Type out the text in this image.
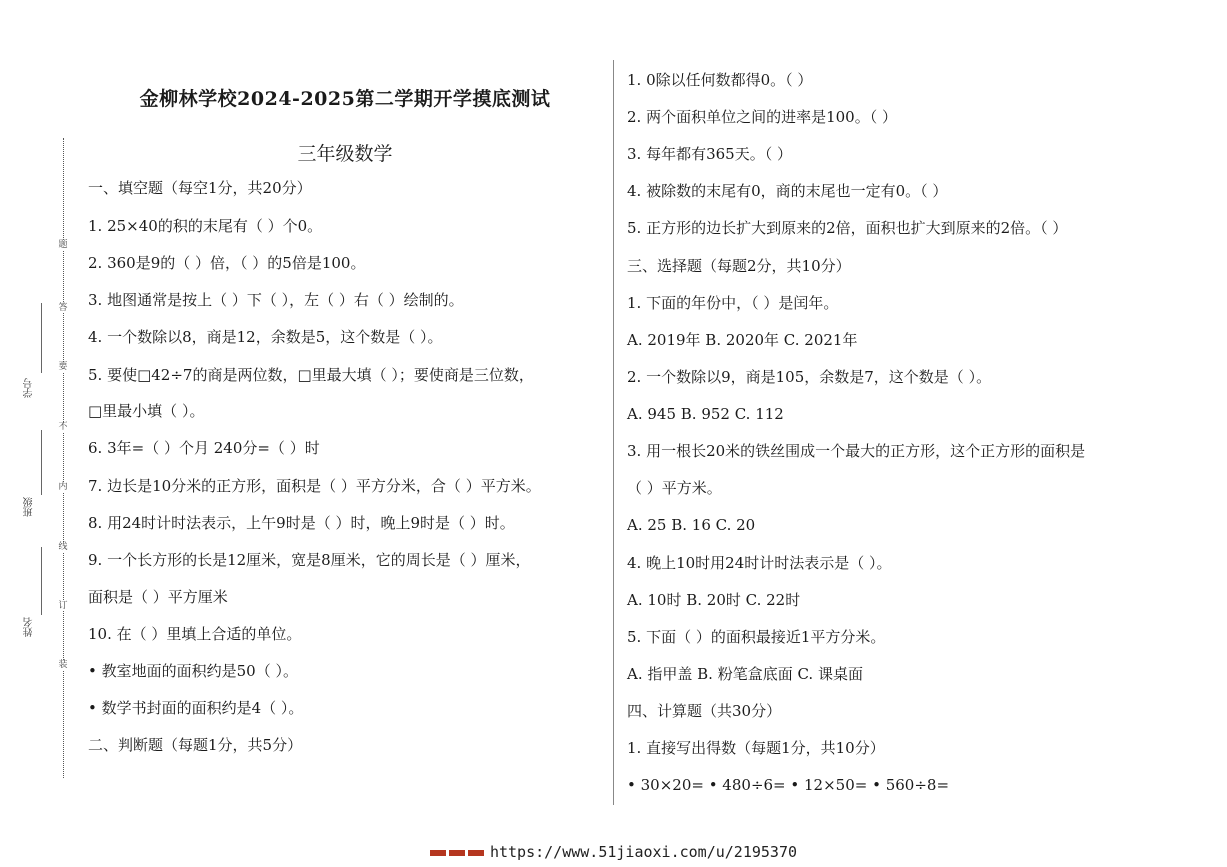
题
答
要
不
内
线
订
装
学号
班级
姓名
金柳林学校2024-2025第二学期开学摸底测试
三年级数学
一、填空题（每空1分，共20分）
1. 25×40的积的末尾有（ ）个0。
2. 360是9的（ ）倍，（ ）的5倍是100。
3. 地图通常是按上（ ）下（ ），左（ ）右（ ）绘制的。
4. 一个数除以8，商是12，余数是5，这个数是（ ）。
5. 要使□42÷7的商是两位数，□里最大填（ ）；要使商是三位数，
□里最小填（ ）。
6. 3年=（ ）个月 240分=（ ）时
7. 边长是10分米的正方形，面积是（ ）平方分米，合（ ）平方米。
8. 用24时计时法表示，上午9时是（ ）时，晚上9时是（ ）时。
9. 一个长方形的长是12厘米，宽是8厘米，它的周长是（ ）厘米，
面积是（ ）平方厘米
10. 在（ ）里填上合适的单位。
• 教室地面的面积约是50（ ）。
• 数学书封面的面积约是4（ ）。
二、判断题（每题1分，共5分）
1. 0除以任何数都得0。（ ）
2. 两个面积单位之间的进率是100。（ ）
3. 每年都有365天。（ ）
4. 被除数的末尾有0，商的末尾也一定有0。（ ）
5. 正方形的边长扩大到原来的2倍，面积也扩大到原来的2倍。（ ）
三、选择题（每题2分，共10分）
1. 下面的年份中，（ ）是闰年。
A. 2019年 B. 2020年 C. 2021年
2. 一个数除以9，商是105，余数是7，这个数是（ ）。
A. 945 B. 952 C. 112
3. 用一根长20米的铁丝围成一个最大的正方形，这个正方形的面积是
（ ）平方米。
A. 25 B. 16 C. 20
4. 晚上10时用24时计时法表示是（ ）。
A. 10时 B. 20时 C. 22时
5. 下面（ ）的面积最接近1平方分米。
A. 指甲盖 B. 粉笔盒底面 C. 课桌面
四、计算题（共30分）
1. 直接写出得数（每题1分，共10分）
• 30×20= • 480÷6= • 12×50= • 560÷8=
https://www.51jiaoxi.com/u/2195370
